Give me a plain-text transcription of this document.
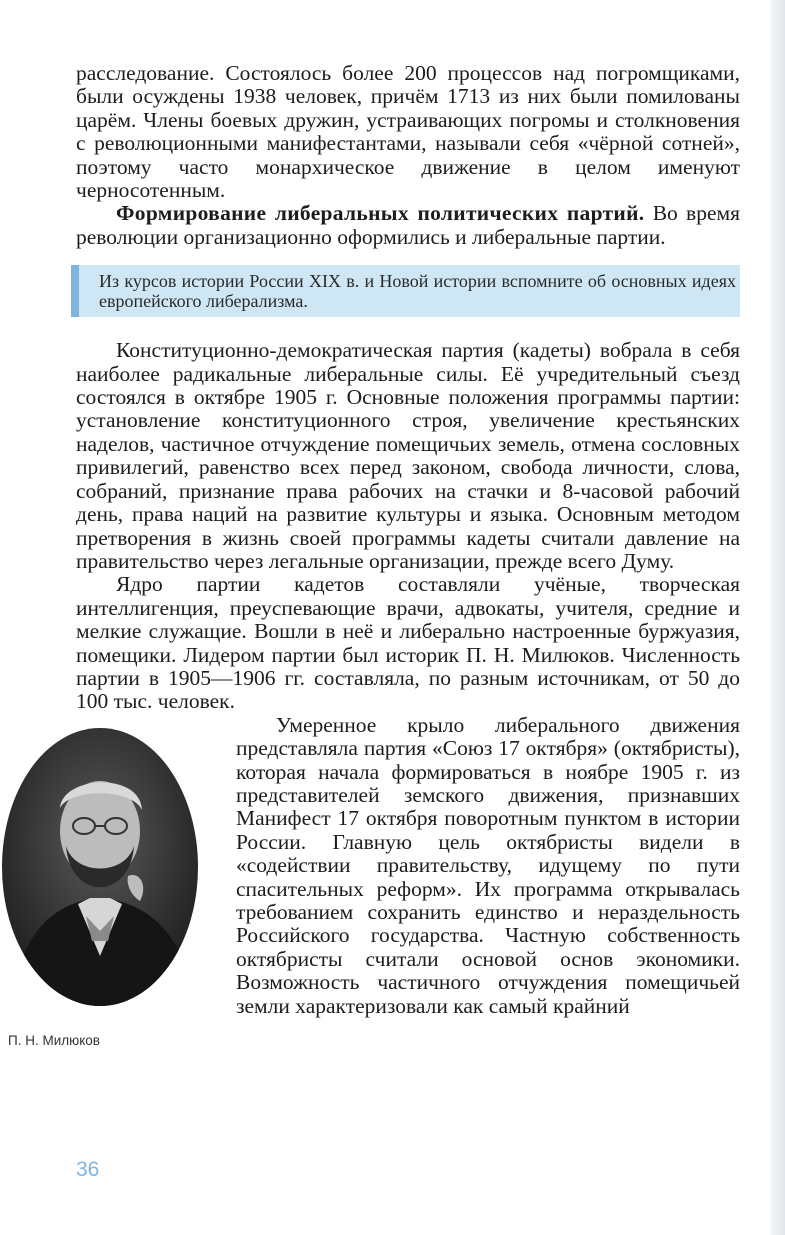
расследование. Состоялось более 200 процессов над погромщиками, были осуждены 1938 человек, причём 1713 из них были помилованы царём. Члены боевых дружин, устраивающих погромы и столкновения с революционными манифестантами, называли себя «чёрной сотней», поэтому часто монархическое движение в целом именуют черносотенным.

Формирование либеральных политических партий. Во время революции организационно оформились и либеральные партии.

Из курсов истории России XIX в. и Новой истории вспомните об основных идеях европейского либерализма.

Конституционно-демократическая партия (кадеты) вобрала в себя наиболее радикальные либеральные силы. Её учредительный съезд состоялся в октябре 1905 г. Основные положения программы партии: установление конституционного строя, увеличение крестьянских наделов, частичное отчуждение помещичьих земель, отмена сословных привилегий, равенство всех перед законом, свобода личности, слова, собраний, признание права рабочих на стачки и 8-часовой рабочий день, права наций на развитие культуры и языка. Основным методом претворения в жизнь своей программы кадеты считали давление на правительство через легальные организации, прежде всего Думу.

Ядро партии кадетов составляли учёные, творческая интеллигенция, преуспевающие врачи, адвокаты, учителя, средние и мелкие служащие. Вошли в неё и либерально настроенные буржуазия, помещики. Лидером партии был историк П. Н. Милюков. Численность партии в 1905—1906 гг. составляла, по разным источникам, от 50 до 100 тыс. человек.

П. Н. Милюков

Умеренное крыло либерального движения представляла партия «Союз 17 октября» (октябристы), которая начала формироваться в ноябре 1905 г. из представителей земского движения, признавших Манифест 17 октября поворотным пунктом в истории России. Главную цель октябристы видели в «содействии правительству, идущему по пути спасительных реформ». Их программа открывалась требованием сохранить единство и нераздельность Российского государства. Частную собственность октябристы считали основой основ экономики. Возможность частичного отчуждения помещичьей земли характеризовали как самый крайний

36
